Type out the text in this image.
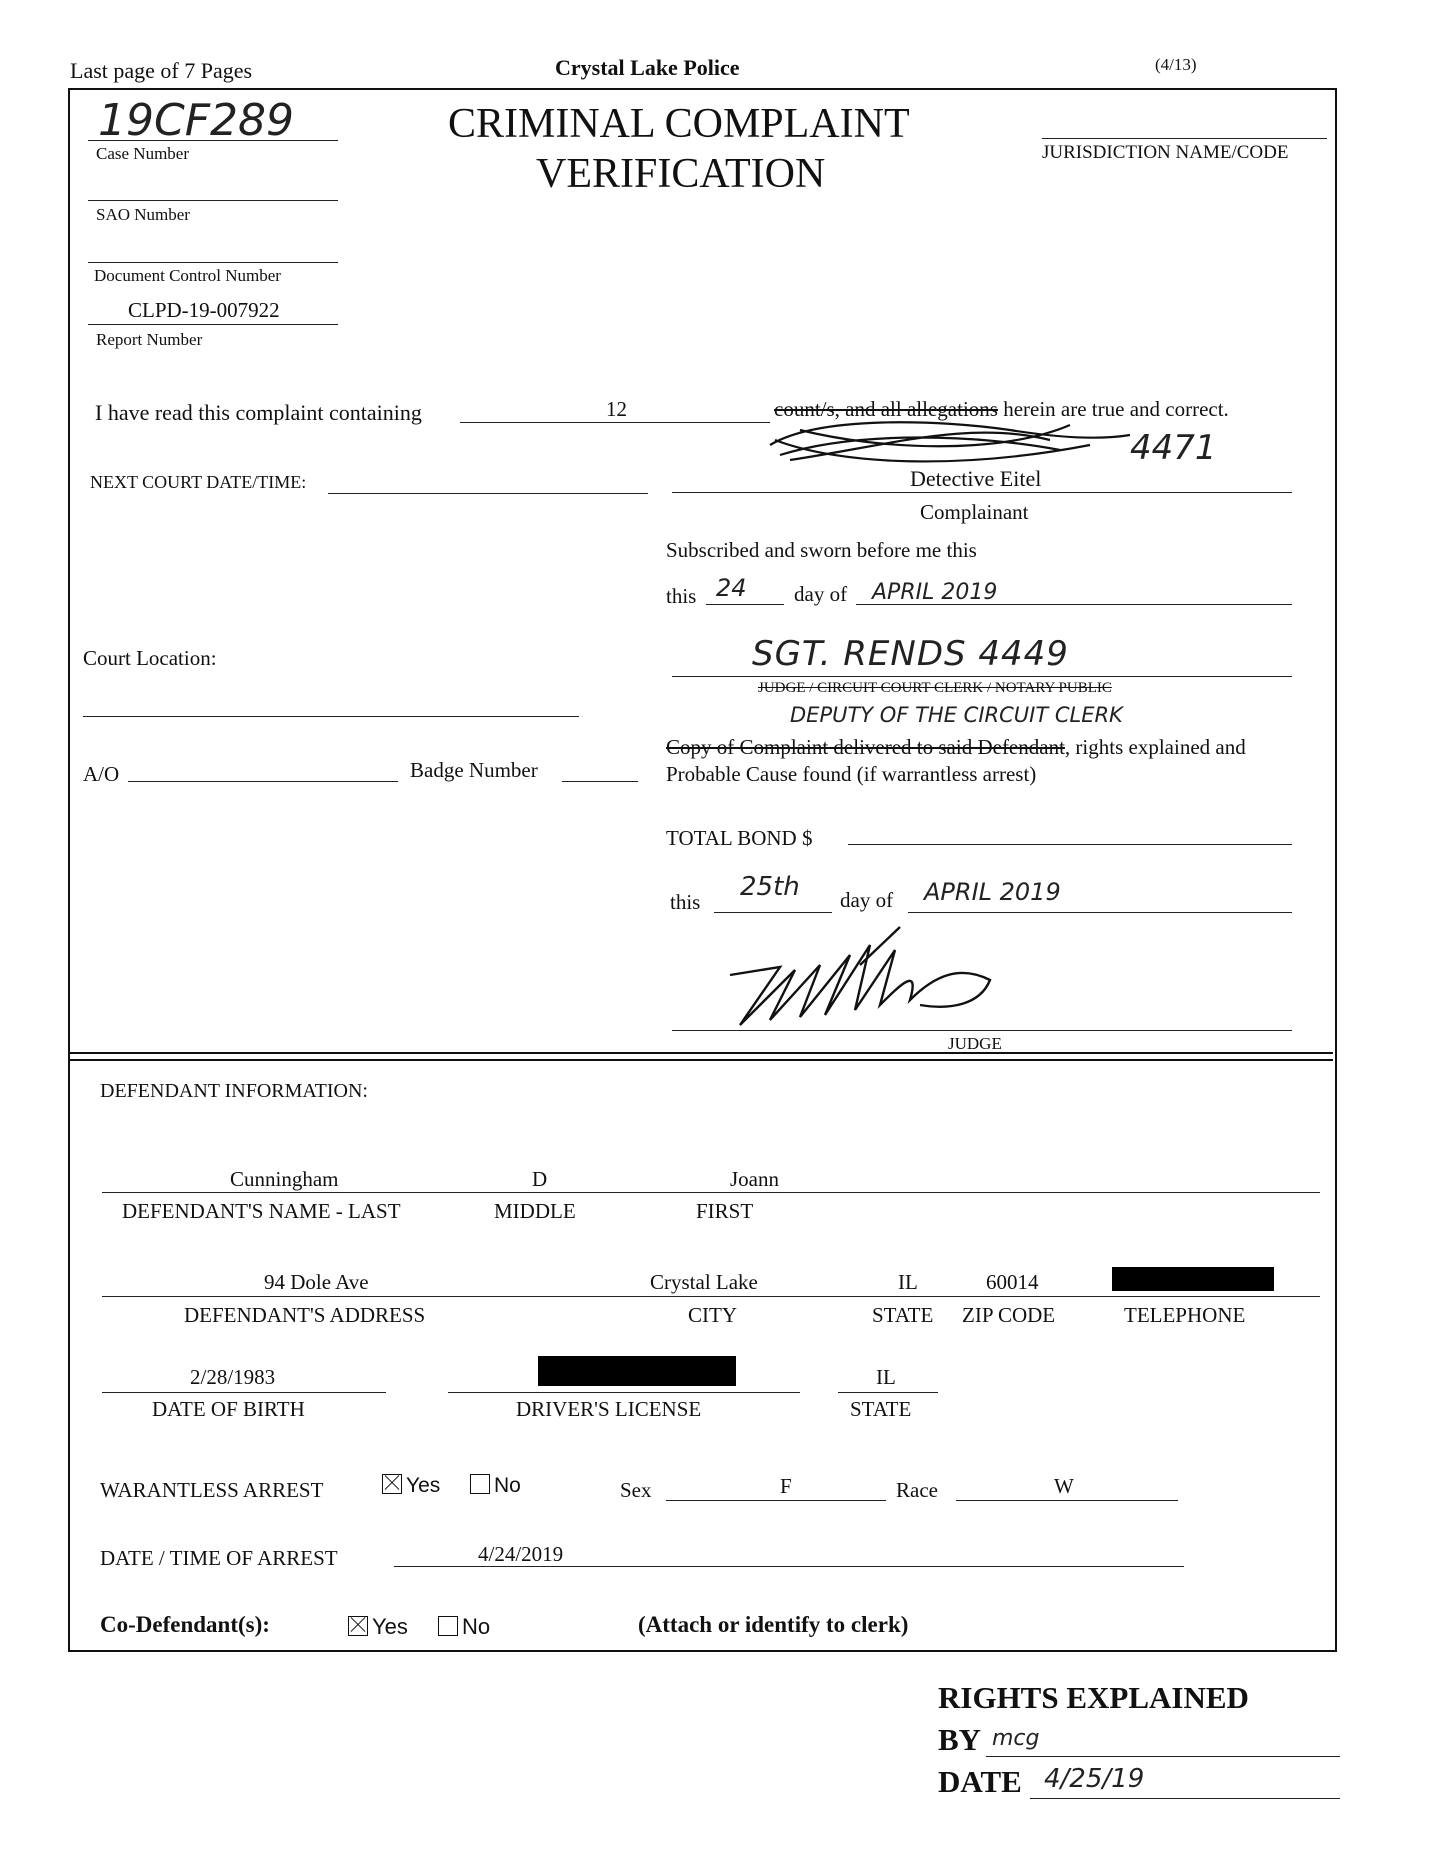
Last page of 7 Pages	Crystal Lake Police	(4/13)
19CF289
Case Number
SAO Number
Document Control Number
CLPD-19-007922
Report Number
CRIMINAL COMPLAINT
VERIFICATION	JURISDICTION NAME/CODE
I have read this complaint containing	12	count/s, and all allegations herein are true and correct.
4471
NEXT COURT DATE/TIME:	Detective Eitel
Complainant
Subscribed and sworn before me this
this 24 day of APRIL 2019
SGT. RENDS 4449
JUDGE / CIRCUIT COURT CLERK / NOTARY PUBLIC
DEPUTY OF THE CIRCUIT CLERK
Court Location:
A/O	Badge Number
Copy of Complaint delivered to said Defendant, rights explained and
Probable Cause found (if warrantless arrest)
TOTAL BOND $
this 25th day of APRIL 2019
JUDGE
DEFENDANT INFORMATION:
Cunningham	D	Joann
DEFENDANT'S NAME - LAST	MIDDLE	FIRST
94 Dole Ave	Crystal Lake	IL	60014
DEFENDANT'S ADDRESS	CITY	STATE ZIP CODE	TELEPHONE
2/28/1983
DATE OF BIRTH	DRIVER'S LICENSE
IL
STATE
WARANTLESS ARREST	Yes	No	Sex	F	Race	W
DATE / TIME OF ARREST	4/24/2019
Co-Defendant(s):	Yes	No	(Attach or identify to clerk)
RIGHTS EXPLAINED
BY mcg
DATE 4/25/19
